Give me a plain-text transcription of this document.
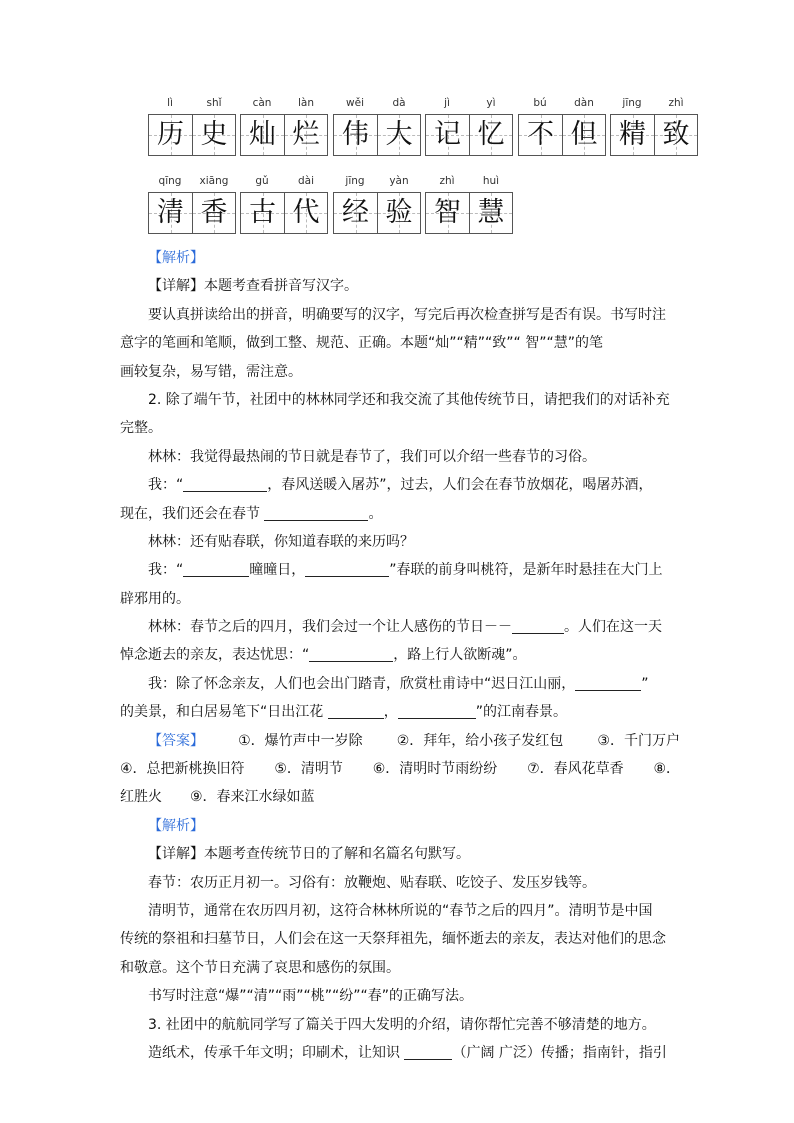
lì	shǐ
历 史
càn	làn
灿 烂
wěi	dà
伟 大
jì	yì
记 忆
bú	dàn
不 但
jīng	zhì
精 致
qīng	xiāng
清 香
gǔ	dài
古 代
jīng	yàn
经 验
zhì	huì
智 慧
【解析】
【详解】本题考查看拼音写汉字。
要认真拼读给出的拼音，明确要写的汉字，写完后再次检查拼写是否有误。书写时注
意字的笔画和笔顺，做到工整、规范、正确。本题“灿”“精”“致”“ 智”“慧”的笔
画较复杂，易写错，需注意。
2. 除了端午节，社团中的林林同学还和我交流了其他传统节日，请把我们的对话补充
完整。
林林：我觉得最热闹的节日就是春节了，我们可以介绍一些春节的习俗。
我：“	，春风送暖入屠苏”，过去，人们会在春节放烟花，喝屠苏酒，
现在，我们还会在春节	。
林林：还有贴春联，你知道春联的来历吗？
我：“	曈曈日，	”春联的前身叫桃符，是新年时悬挂在大门上
辟邪用的。
林林：春节之后的四月，我们会过一个让人感伤的节日－－	。人们在这一天
悼念逝去的亲友，表达忧思：“	，路上行人欲断魂”。
我：除了怀念亲友，人们也会出门踏青，欣赏杜甫诗中“迟日江山丽，	”
的美景，和白居易笔下“日出江花	，	”的江南春景。
【答案】 ①．爆竹声中一岁除 ②．拜年，给小孩子发红包 ③．千门万户
④．总把新桃换旧符 ⑤．清明节 ⑥．清明时节雨纷纷 ⑦．春风花草香 ⑧．
红胜火 ⑨．春来江水绿如蓝
【解析】
【详解】本题考查传统节日的了解和名篇名句默写。
春节：农历正月初一。习俗有：放鞭炮、贴春联、吃饺子、发压岁钱等。
清明节，通常在农历四月初，这符合林林所说的“春节之后的四月”。清明节是中国
传统的祭祖和扫墓节日，人们会在这一天祭拜祖先，缅怀逝去的亲友，表达对他们的思念
和敬意。这个节日充满了哀思和感伤的氛围。
书写时注意“爆”“清”“雨”“桃”“纷”“春”的正确写法。
3. 社团中的航航同学写了篇关于四大发明的介绍，请你帮忙完善不够清楚的地方。
造纸术，传承千年文明；印刷术，让知识	（广阔 广泛）传播；指南针，指引
